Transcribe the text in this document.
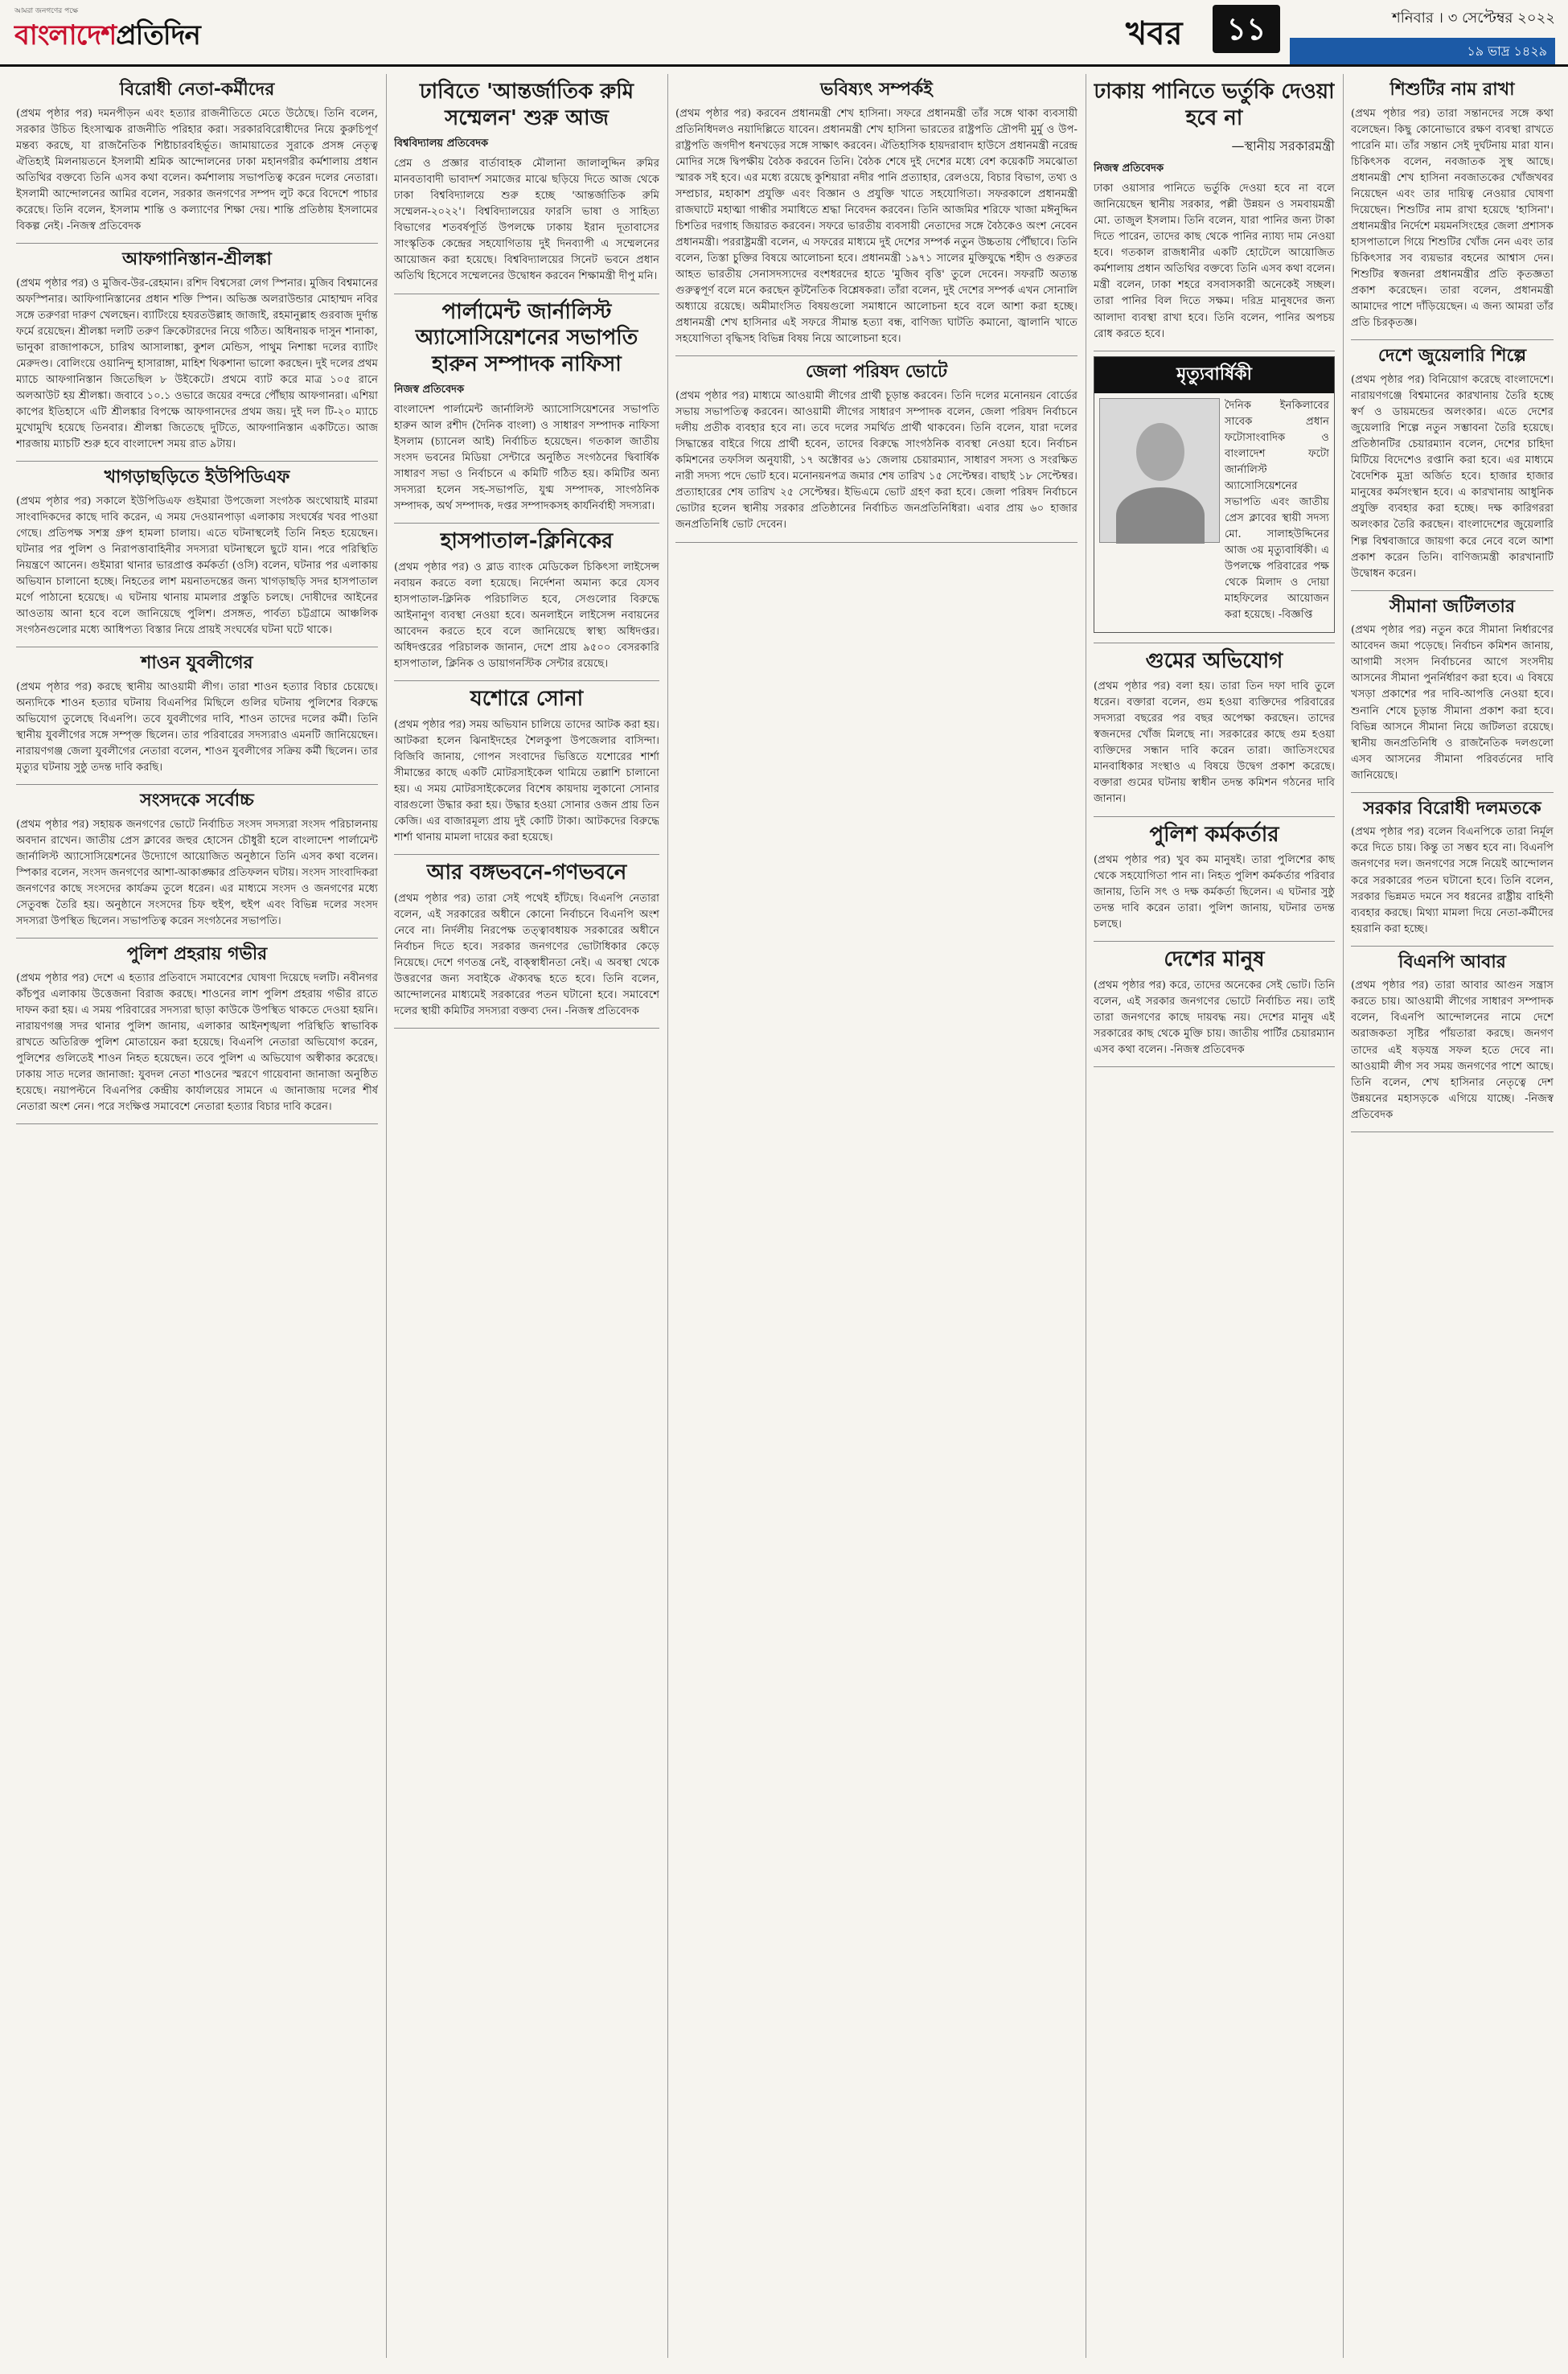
আমরা জনগণের পক্ষে
বাংলাদেশপ্রতিদিন	খবর	১১	শনিবার । ৩ সেপ্টেম্বর ২০২২
১৯ ভাদ্র ১৪২৯
বিরোধী নেতা-কর্মীদের

(প্রথম পৃষ্ঠার পর) দমনপীড়ন এবং হত্যার রাজনীতিতে মেতে উঠেছে। তিনি বলেন, সরকার উচিত হিংসাত্মক রাজনীতি পরিহার করা। সরকারবিরোধীদের নিয়ে কুরুচিপূর্ণ মন্তব্য করছে, যা রাজনৈতিক শিষ্টাচারবহির্ভূত। জামায়াতের সুরাকে প্রসঙ্গ নেতৃত্ব ঐতিহ্যই মিলনায়তনে ইসলামী শ্রমিক আন্দোলনের ঢাকা মহানগরীর কর্মশালায় প্রধান অতিথির বক্তব্যে তিনি এসব কথা বলেন। কর্মশালায় সভাপতিত্ব করেন দলের নেতারা। ইসলামী আন্দোলনের আমির বলেন, সরকার জনগণের সম্পদ লুট করে বিদেশে পাচার করেছে। তিনি বলেন, ইসলাম শান্তি ও কল্যাণের শিক্ষা দেয়। শান্তি প্রতিষ্ঠায় ইসলামের বিকল্প নেই। -নিজস্ব প্রতিবেদক

আফগানিস্তান-শ্রীলঙ্কা

(প্রথম পৃষ্ঠার পর) ও মুজিব-উর-রেহমান। রশিদ বিশ্বসেরা লেগ স্পিনার। মুজিব বিশ্বমানের অফস্পিনার। আফিগানিস্তানের প্রধান শক্তি স্পিন। অভিজ্ঞ অলরাউন্ডার মোহাম্মদ নবির সঙ্গে তরুণরা দারুণ খেলছেন। ব্যাটিংয়ে হযরতউল্লাহ জাজাই, রহমানুল্লাহ গুরবাজ দুর্দান্ত ফর্মে রয়েছেন। শ্রীলঙ্কা দলটি তরুণ ক্রিকেটারদের নিয়ে গঠিত। অধিনায়ক দাসুন শানাকা, ভানুকা রাজাপাকসে, চারিথ আসালাঙ্কা, কুশল মেন্ডিস, পাথুম নিশাঙ্কা দলের ব্যাটিং মেরুদণ্ড। বোলিংয়ে ওয়ানিন্দু হাসারাঙ্গা, মাহিশ থিকশানা ভালো করছেন। দুই দলের প্রথম ম্যাচে আফগানিস্তান জিতেছিল ৮ উইকেটে। প্রথমে ব্যাট করে মাত্র ১০৫ রানে অলআউট হয় শ্রীলঙ্কা। জবাবে ১০.১ ওভারে জয়ের বন্দরে পৌঁছায় আফগানরা। এশিয়া কাপের ইতিহাসে এটি শ্রীলঙ্কার বিপক্ষে আফগানদের প্রথম জয়। দুই দল টি-২০ ম্যাচে মুখোমুখি হয়েছে তিনবার। শ্রীলঙ্কা জিতেছে দুটিতে, আফগানিস্তান একটিতে। আজ শারজায় ম্যাচটি শুরু হবে বাংলাদেশ সময় রাত ৯টায়।

খাগড়াছড়িতে ইউপিডিএফ

(প্রথম পৃষ্ঠার পর) সকালে ইউপিডিএফ গুইমারা উপজেলা সংগঠক অংথোয়াই মারমা সাংবাদিকদের কাছে দাবি করেন, এ সময় দেওয়ানপাড়া এলাকায় সংঘর্ষের খবর পাওয়া গেছে। প্রতিপক্ষ সশস্ত্র গ্রুপ হামলা চালায়। এতে ঘটনাস্থলেই তিনি নিহত হয়েছেন। ঘটনার পর পুলিশ ও নিরাপত্তাবাহিনীর সদস্যরা ঘটনাস্থলে ছুটে যান। পরে পরিস্থিতি নিয়ন্ত্রণে আনেন। গুইমারা থানার ভারপ্রাপ্ত কর্মকর্তা (ওসি) বলেন, ঘটনার পর এলাকায় অভিযান চালানো হচ্ছে। নিহতের লাশ ময়নাতদন্তের জন্য খাগড়াছড়ি সদর হাসপাতাল মর্গে পাঠানো হয়েছে। এ ঘটনায় থানায় মামলার প্রস্তুতি চলছে। দোষীদের আইনের আওতায় আনা হবে বলে জানিয়েছে পুলিশ। প্রসঙ্গত, পার্বত্য চট্টগ্রামে আঞ্চলিক সংগঠনগুলোর মধ্যে আধিপত্য বিস্তার নিয়ে প্রায়ই সংঘর্ষের ঘটনা ঘটে থাকে।

শাওন যুবলীগের

(প্রথম পৃষ্ঠার পর) করছে স্থানীয় আওয়ামী লীগ। তারা শাওন হত্যার বিচার চেয়েছে। অন্যদিকে শাওন হত্যার ঘটনায় বিএনপির মিছিলে গুলির ঘটনায় পুলিশের বিরুদ্ধে অভিযোগ তুলেছে বিএনপি। তবে যুবলীগের দাবি, শাওন তাদের দলের কর্মী। তিনি স্থানীয় যুবলীগের সঙ্গে সম্পৃক্ত ছিলেন। তার পরিবারের সদস্যরাও এমনটি জানিয়েছেন। নারায়ণগঞ্জ জেলা যুবলীগের নেতারা বলেন, শাওন যুবলীগের সক্রিয় কর্মী ছিলেন। তার মৃত্যুর ঘটনায় সুষ্ঠু তদন্ত দাবি করছি।

সংসদকে সর্বোচ্চ

(প্রথম পৃষ্ঠার পর) সহায়ক জনগণের ভোটে নির্বাচিত সংসদ সদস্যরা সংসদ পরিচালনায় অবদান রাখেন। জাতীয় প্রেস ক্লাবের জহুর হোসেন চৌধুরী হলে বাংলাদেশ পার্লামেন্ট জার্নালিস্ট অ্যাসোসিয়েশনের উদ্যোগে আয়োজিত অনুষ্ঠানে তিনি এসব কথা বলেন। স্পিকার বলেন, সংসদ জনগণের আশা-আকাঙ্ক্ষার প্রতিফলন ঘটায়। সংসদ সাংবাদিকরা জনগণের কাছে সংসদের কার্যক্রম তুলে ধরেন। এর মাধ্যমে সংসদ ও জনগণের মধ্যে সেতুবন্ধ তৈরি হয়। অনুষ্ঠানে সংসদের চিফ হুইপ, হুইপ এবং বিভিন্ন দলের সংসদ সদস্যরা উপস্থিত ছিলেন। সভাপতিত্ব করেন সংগঠনের সভাপতি।

পুলিশ প্রহরায় গভীর

(প্রথম পৃষ্ঠার পর) দেশে এ হত্যার প্রতিবাদে সমাবেশের ঘোষণা দিয়েছে দলটি। নবীনগর কাঁচপুর এলাকায় উত্তেজনা বিরাজ করছে। শাওনের লাশ পুলিশ প্রহরায় গভীর রাতে দাফন করা হয়। এ সময় পরিবারের সদস্যরা ছাড়া কাউকে উপস্থিত থাকতে দেওয়া হয়নি। নারায়ণগঞ্জ সদর থানার পুলিশ জানায়, এলাকার আইনশৃঙ্খলা পরিস্থিতি স্বাভাবিক রাখতে অতিরিক্ত পুলিশ মোতায়েন করা হয়েছে। বিএনপি নেতারা অভিযোগ করেন, পুলিশের গুলিতেই শাওন নিহত হয়েছেন। তবে পুলিশ এ অভিযোগ অস্বীকার করেছে। ঢাকায় সাত দলের জানাজা: যুবদল নেতা শাওনের স্মরণে গায়েবানা জানাজা অনুষ্ঠিত হয়েছে। নয়াপল্টনে বিএনপির কেন্দ্রীয় কার্যালয়ের সামনে এ জানাজায় দলের শীর্ষ নেতারা অংশ নেন। পরে সংক্ষিপ্ত সমাবেশে নেতারা হত্যার বিচার দাবি করেন।

ঢাবিতে 'আন্তর্জাতিক রুমি সম্মেলন' শুরু আজ
বিশ্ববিদ্যালয় প্রতিবেদক

প্রেম ও প্রজ্ঞার বার্তাবাহক মৌলানা জালালুদ্দিন রুমির মানবতাবাদী ভাবাদর্শ সমাজের মাঝে ছড়িয়ে দিতে আজ থেকে ঢাকা বিশ্ববিদ্যালয়ে শুরু হচ্ছে 'আন্তর্জাতিক রুমি সম্মেলন-২০২২'। বিশ্ববিদ্যালয়ের ফারসি ভাষা ও সাহিত্য বিভাগের শতবর্ষপূর্তি উপলক্ষে ঢাকায় ইরান দূতাবাসের সাংস্কৃতিক কেন্দ্রের সহযোগিতায় দুই দিনব্যাপী এ সম্মেলনের আয়োজন করা হয়েছে। বিশ্ববিদ্যালয়ের সিনেট ভবনে প্রধান অতিথি হিসেবে সম্মেলনের উদ্বোধন করবেন শিক্ষামন্ত্রী দীপু মনি।

পার্লামেন্ট জার্নালিস্ট অ্যাসোসিয়েশনের সভাপতি হারুন সম্পাদক নাফিসা
নিজস্ব প্রতিবেদক

বাংলাদেশ পার্লামেন্ট জার্নালিস্ট অ্যাসোসিয়েশনের সভাপতি হারুন আল রশীদ (দৈনিক বাংলা) ও সাধারণ সম্পাদক নাফিসা ইসলাম (চ্যানেল আই) নির্বাচিত হয়েছেন। গতকাল জাতীয় সংসদ ভবনের মিডিয়া সেন্টারে অনুষ্ঠিত সংগঠনের দ্বিবার্ষিক সাধারণ সভা ও নির্বাচনে এ কমিটি গঠিত হয়। কমিটির অন্য সদস্যরা হলেন সহ-সভাপতি, যুগ্ম সম্পাদক, সাংগঠনিক সম্পাদক, অর্থ সম্পাদক, দপ্তর সম্পাদকসহ কার্যনির্বাহী সদস্যরা।

হাসপাতাল-ক্লিনিকের

(প্রথম পৃষ্ঠার পর) ও ব্লাড ব্যাংক মেডিকেল চিকিৎসা লাইসেন্স নবায়ন করতে বলা হয়েছে। নির্দেশনা অমান্য করে যেসব হাসপাতাল-ক্লিনিক পরিচালিত হবে, সেগুলোর বিরুদ্ধে আইনানুগ ব্যবস্থা নেওয়া হবে। অনলাইনে লাইসেন্স নবায়নের আবেদন করতে হবে বলে জানিয়েছে স্বাস্থ্য অধিদপ্তর। অধিদপ্তরের পরিচালক জানান, দেশে প্রায় ৯৫০০ বেসরকারি হাসপাতাল, ক্লিনিক ও ডায়াগনস্টিক সেন্টার রয়েছে।

যশোরে সোনা

(প্রথম পৃষ্ঠার পর) সময় অভিযান চালিয়ে তাদের আটক করা হয়। আটকরা হলেন ঝিনাইদহের শৈলকুপা উপজেলার বাসিন্দা। বিজিবি জানায়, গোপন সংবাদের ভিত্তিতে যশোরের শার্শা সীমান্তের কাছে একটি মোটরসাইকেল থামিয়ে তল্লাশি চালানো হয়। এ সময় মোটরসাইকেলের বিশেষ কায়দায় লুকানো সোনার বারগুলো উদ্ধার করা হয়। উদ্ধার হওয়া সোনার ওজন প্রায় তিন কেজি। এর বাজারমূল্য প্রায় দুই কোটি টাকা। আটকদের বিরুদ্ধে শার্শা থানায় মামলা দায়ের করা হয়েছে।

আর বঙ্গভবনে-গণভবনে

(প্রথম পৃষ্ঠার পর) তারা সেই পথেই হাঁটছে। বিএনপি নেতারা বলেন, এই সরকারের অধীনে কোনো নির্বাচনে বিএনপি অংশ নেবে না। নির্দলীয় নিরপেক্ষ তত্ত্বাবধায়ক সরকারের অধীনে নির্বাচন দিতে হবে। সরকার জনগণের ভোটাধিকার কেড়ে নিয়েছে। দেশে গণতন্ত্র নেই, বাক্‌স্বাধীনতা নেই। এ অবস্থা থেকে উত্তরণের জন্য সবাইকে ঐক্যবদ্ধ হতে হবে। তিনি বলেন, আন্দোলনের মাধ্যমেই সরকারের পতন ঘটানো হবে। সমাবেশে দলের স্থায়ী কমিটির সদস্যরা বক্তব্য দেন। -নিজস্ব প্রতিবেদক

ভবিষ্যৎ সম্পর্কই

(প্রথম পৃষ্ঠার পর) করবেন প্রধানমন্ত্রী শেখ হাসিনা। সফরে প্রধানমন্ত্রী তাঁর সঙ্গে থাকা ব্যবসায়ী প্রতিনিধিদলও নয়াদিল্লিতে যাবেন। প্রধানমন্ত্রী শেখ হাসিনা ভারতের রাষ্ট্রপতি দ্রৌপদী মুর্মু ও উপ-রাষ্ট্রপতি জগদীপ ধনখড়ের সঙ্গে সাক্ষাৎ করবেন। ঐতিহাসিক হায়দরাবাদ হাউসে প্রধানমন্ত্রী নরেন্দ্র মোদির সঙ্গে দ্বিপক্ষীয় বৈঠক করবেন তিনি। বৈঠক শেষে দুই দেশের মধ্যে বেশ কয়েকটি সমঝোতা স্মারক সই হবে। এর মধ্যে রয়েছে কুশিয়ারা নদীর পানি প্রত্যাহার, রেলওয়ে, বিচার বিভাগ, তথ্য ও সম্প্রচার, মহাকাশ প্রযুক্তি এবং বিজ্ঞান ও প্রযুক্তি খাতে সহযোগিতা। সফরকালে প্রধানমন্ত্রী রাজঘাটে মহাত্মা গান্ধীর সমাধিতে শ্রদ্ধা নিবেদন করবেন। তিনি আজমির শরিফে খাজা মঈনুদ্দিন চিশতির দরগাহ জিয়ারত করবেন। সফরে ভারতীয় ব্যবসায়ী নেতাদের সঙ্গে বৈঠকেও অংশ নেবেন প্রধানমন্ত্রী। পররাষ্ট্রমন্ত্রী বলেন, এ সফরের মাধ্যমে দুই দেশের সম্পর্ক নতুন উচ্চতায় পৌঁছাবে। তিনি বলেন, তিস্তা চুক্তির বিষয়ে আলোচনা হবে। প্রধানমন্ত্রী ১৯৭১ সালের মুক্তিযুদ্ধে শহীদ ও গুরুতর আহত ভারতীয় সেনাসদস্যদের বংশধরদের হাতে 'মুজিব বৃত্তি' তুলে দেবেন। সফরটি অত্যন্ত গুরুত্বপূর্ণ বলে মনে করছেন কূটনৈতিক বিশ্লেষকরা। তাঁরা বলেন, দুই দেশের সম্পর্ক এখন সোনালি অধ্যায়ে রয়েছে। অমীমাংসিত বিষয়গুলো সমাধানে আলোচনা হবে বলে আশা করা হচ্ছে। প্রধানমন্ত্রী শেখ হাসিনার এই সফরে সীমান্ত হত্যা বন্ধ, বাণিজ্য ঘাটতি কমানো, জ্বালানি খাতে সহযোগিতা বৃদ্ধিসহ বিভিন্ন বিষয় নিয়ে আলোচনা হবে।

জেলা পরিষদ ভোটে

(প্রথম পৃষ্ঠার পর) মাধ্যমে আওয়ামী লীগের প্রার্থী চূড়ান্ত করবেন। তিনি দলের মনোনয়ন বোর্ডের সভায় সভাপতিত্ব করবেন। আওয়ামী লীগের সাধারণ সম্পাদক বলেন, জেলা পরিষদ নির্বাচনে দলীয় প্রতীক ব্যবহার হবে না। তবে দলের সমর্থিত প্রার্থী থাকবেন। তিনি বলেন, যারা দলের সিদ্ধান্তের বাইরে গিয়ে প্রার্থী হবেন, তাদের বিরুদ্ধে সাংগঠনিক ব্যবস্থা নেওয়া হবে। নির্বাচন কমিশনের তফসিল অনুযায়ী, ১৭ অক্টোবর ৬১ জেলায় চেয়ারম্যান, সাধারণ সদস্য ও সংরক্ষিত নারী সদস্য পদে ভোট হবে। মনোনয়নপত্র জমার শেষ তারিখ ১৫ সেপ্টেম্বর। বাছাই ১৮ সেপ্টেম্বর। প্রত্যাহারের শেষ তারিখ ২৫ সেপ্টেম্বর। ইভিএমে ভোট গ্রহণ করা হবে। জেলা পরিষদ নির্বাচনে ভোটার হলেন স্থানীয় সরকার প্রতিষ্ঠানের নির্বাচিত জনপ্রতিনিধিরা। এবার প্রায় ৬০ হাজার জনপ্রতিনিধি ভোট দেবেন।

ঢাকায় পানিতে ভর্তুকি দেওয়া হবে না
—স্থানীয় সরকারমন্ত্রী
নিজস্ব প্রতিবেদক

ঢাকা ওয়াসার পানিতে ভর্তুকি দেওয়া হবে না বলে জানিয়েছেন স্থানীয় সরকার, পল্লী উন্নয়ন ও সমবায়মন্ত্রী মো. তাজুল ইসলাম। তিনি বলেন, যারা পানির জন্য টাকা দিতে পারেন, তাদের কাছ থেকে পানির ন্যায্য দাম নেওয়া হবে। গতকাল রাজধানীর একটি হোটেলে আয়োজিত কর্মশালায় প্রধান অতিথির বক্তব্যে তিনি এসব কথা বলেন। মন্ত্রী বলেন, ঢাকা শহরে বসবাসকারী অনেকেই সচ্ছল। তারা পানির বিল দিতে সক্ষম। দরিদ্র মানুষদের জন্য আলাদা ব্যবস্থা রাখা হবে। তিনি বলেন, পানির অপচয় রোধ করতে হবে।

মৃত্যুবার্ষিকী

দৈনিক ইনকিলাবের সাবেক প্রধান ফটোসাংবাদিক ও বাংলাদেশ ফটো জার্নালিস্ট অ্যাসোসিয়েশনের সভাপতি এবং জাতীয় প্রেস ক্লাবের স্থায়ী সদস্য মো. সালাহউদ্দিনের আজ ৩য় মৃত্যুবার্ষিকী। এ উপলক্ষে পরিবারের পক্ষ থেকে মিলাদ ও দোয়া মাহফিলের আয়োজন করা হয়েছে। -বিজ্ঞপ্তি

গুমের অভিযোগ

(প্রথম পৃষ্ঠার পর) বলা হয়। তারা তিন দফা দাবি তুলে ধরেন। বক্তারা বলেন, গুম হওয়া ব্যক্তিদের পরিবারের সদস্যরা বছরের পর বছর অপেক্ষা করছেন। তাদের স্বজনদের খোঁজ মিলছে না। সরকারের কাছে গুম হওয়া ব্যক্তিদের সন্ধান দাবি করেন তারা। জাতিসংঘের মানবাধিকার সংস্থাও এ বিষয়ে উদ্বেগ প্রকাশ করেছে। বক্তারা গুমের ঘটনায় স্বাধীন তদন্ত কমিশন গঠনের দাবি জানান।

পুলিশ কর্মকর্তার

(প্রথম পৃষ্ঠার পর) খুব কম মানুষই। তারা পুলিশের কাছ থেকে সহযোগিতা পান না। নিহত পুলিশ কর্মকর্তার পরিবার জানায়, তিনি সৎ ও দক্ষ কর্মকর্তা ছিলেন। এ ঘটনার সুষ্ঠু তদন্ত দাবি করেন তারা। পুলিশ জানায়, ঘটনার তদন্ত চলছে।

দেশের মানুষ

(প্রথম পৃষ্ঠার পর) করে, তাদের অনেকের সেই ভোট। তিনি বলেন, এই সরকার জনগণের ভোটে নির্বাচিত নয়। তাই তারা জনগণের কাছে দায়বদ্ধ নয়। দেশের মানুষ এই সরকারের কাছ থেকে মুক্তি চায়। জাতীয় পার্টির চেয়ারম্যান এসব কথা বলেন। -নিজস্ব প্রতিবেদক

শিশুটির নাম রাখা

(প্রথম পৃষ্ঠার পর) তারা সন্তানদের সঙ্গে কথা বলেছেন। কিছু কোনোভাবে রক্ষণ ব্যবস্থা রাখতে পারেনি মা। তাঁর সন্তান সেই দুর্ঘটনায় মারা যান। চিকিৎসক বলেন, নবজাতক সুস্থ আছে। প্রধানমন্ত্রী শেখ হাসিনা নবজাতকের খোঁজখবর নিয়েছেন এবং তার দায়িত্ব নেওয়ার ঘোষণা দিয়েছেন। শিশুটির নাম রাখা হয়েছে 'হাসিনা'। প্রধানমন্ত্রীর নির্দেশে ময়মনসিংহের জেলা প্রশাসক হাসপাতালে গিয়ে শিশুটির খোঁজ নেন এবং তার চিকিৎসার সব ব্যয়ভার বহনের আশ্বাস দেন। শিশুটির স্বজনরা প্রধানমন্ত্রীর প্রতি কৃতজ্ঞতা প্রকাশ করেছেন। তারা বলেন, প্রধানমন্ত্রী আমাদের পাশে দাঁড়িয়েছেন। এ জন্য আমরা তাঁর প্রতি চিরকৃতজ্ঞ।

দেশে জুয়েলারি শিল্পে

(প্রথম পৃষ্ঠার পর) বিনিয়োগ করেছে বাংলাদেশে। নারায়ণগঞ্জে বিশ্বমানের কারখানায় তৈরি হচ্ছে স্বর্ণ ও ডায়মন্ডের অলংকার। এতে দেশের জুয়েলারি শিল্পে নতুন সম্ভাবনা তৈরি হয়েছে। প্রতিষ্ঠানটির চেয়ারম্যান বলেন, দেশের চাহিদা মিটিয়ে বিদেশেও রপ্তানি করা হবে। এর মাধ্যমে বৈদেশিক মুদ্রা অর্জিত হবে। হাজার হাজার মানুষের কর্মসংস্থান হবে। এ কারখানায় আধুনিক প্রযুক্তি ব্যবহার করা হচ্ছে। দক্ষ কারিগররা অলংকার তৈরি করছেন। বাংলাদেশের জুয়েলারি শিল্প বিশ্ববাজারে জায়গা করে নেবে বলে আশা প্রকাশ করেন তিনি। বাণিজ্যমন্ত্রী কারখানাটি উদ্বোধন করেন।

সীমানা জটিলতার

(প্রথম পৃষ্ঠার পর) নতুন করে সীমানা নির্ধারণের আবেদন জমা পড়েছে। নির্বাচন কমিশন জানায়, আগামী সংসদ নির্বাচনের আগে সংসদীয় আসনের সীমানা পুনর্নির্ধারণ করা হবে। এ বিষয়ে খসড়া প্রকাশের পর দাবি-আপত্তি নেওয়া হবে। শুনানি শেষে চূড়ান্ত সীমানা প্রকাশ করা হবে। বিভিন্ন আসনে সীমানা নিয়ে জটিলতা রয়েছে। স্থানীয় জনপ্রতিনিধি ও রাজনৈতিক দলগুলো এসব আসনের সীমানা পরিবর্তনের দাবি জানিয়েছে।

সরকার বিরোধী দলমতকে

(প্রথম পৃষ্ঠার পর) বলেন বিএনপিকে তারা নির্মূল করে দিতে চায়। কিন্তু তা সম্ভব হবে না। বিএনপি জনগণের দল। জনগণের সঙ্গে নিয়েই আন্দোলন করে সরকারের পতন ঘটানো হবে। তিনি বলেন, সরকার ভিন্নমত দমনে সব ধরনের রাষ্ট্রীয় বাহিনী ব্যবহার করছে। মিথ্যা মামলা দিয়ে নেতা-কর্মীদের হয়রানি করা হচ্ছে।

বিএনপি আবার

(প্রথম পৃষ্ঠার পর) তারা আবার আগুন সন্ত্রাস করতে চায়। আওয়ামী লীগের সাধারণ সম্পাদক বলেন, বিএনপি আন্দোলনের নামে দেশে অরাজকতা সৃষ্টির পাঁয়তারা করছে। জনগণ তাদের এই ষড়যন্ত্র সফল হতে দেবে না। আওয়ামী লীগ সব সময় জনগণের পাশে আছে। তিনি বলেন, শেখ হাসিনার নেতৃত্বে দেশ উন্নয়নের মহাসড়কে এগিয়ে যাচ্ছে। -নিজস্ব প্রতিবেদক
